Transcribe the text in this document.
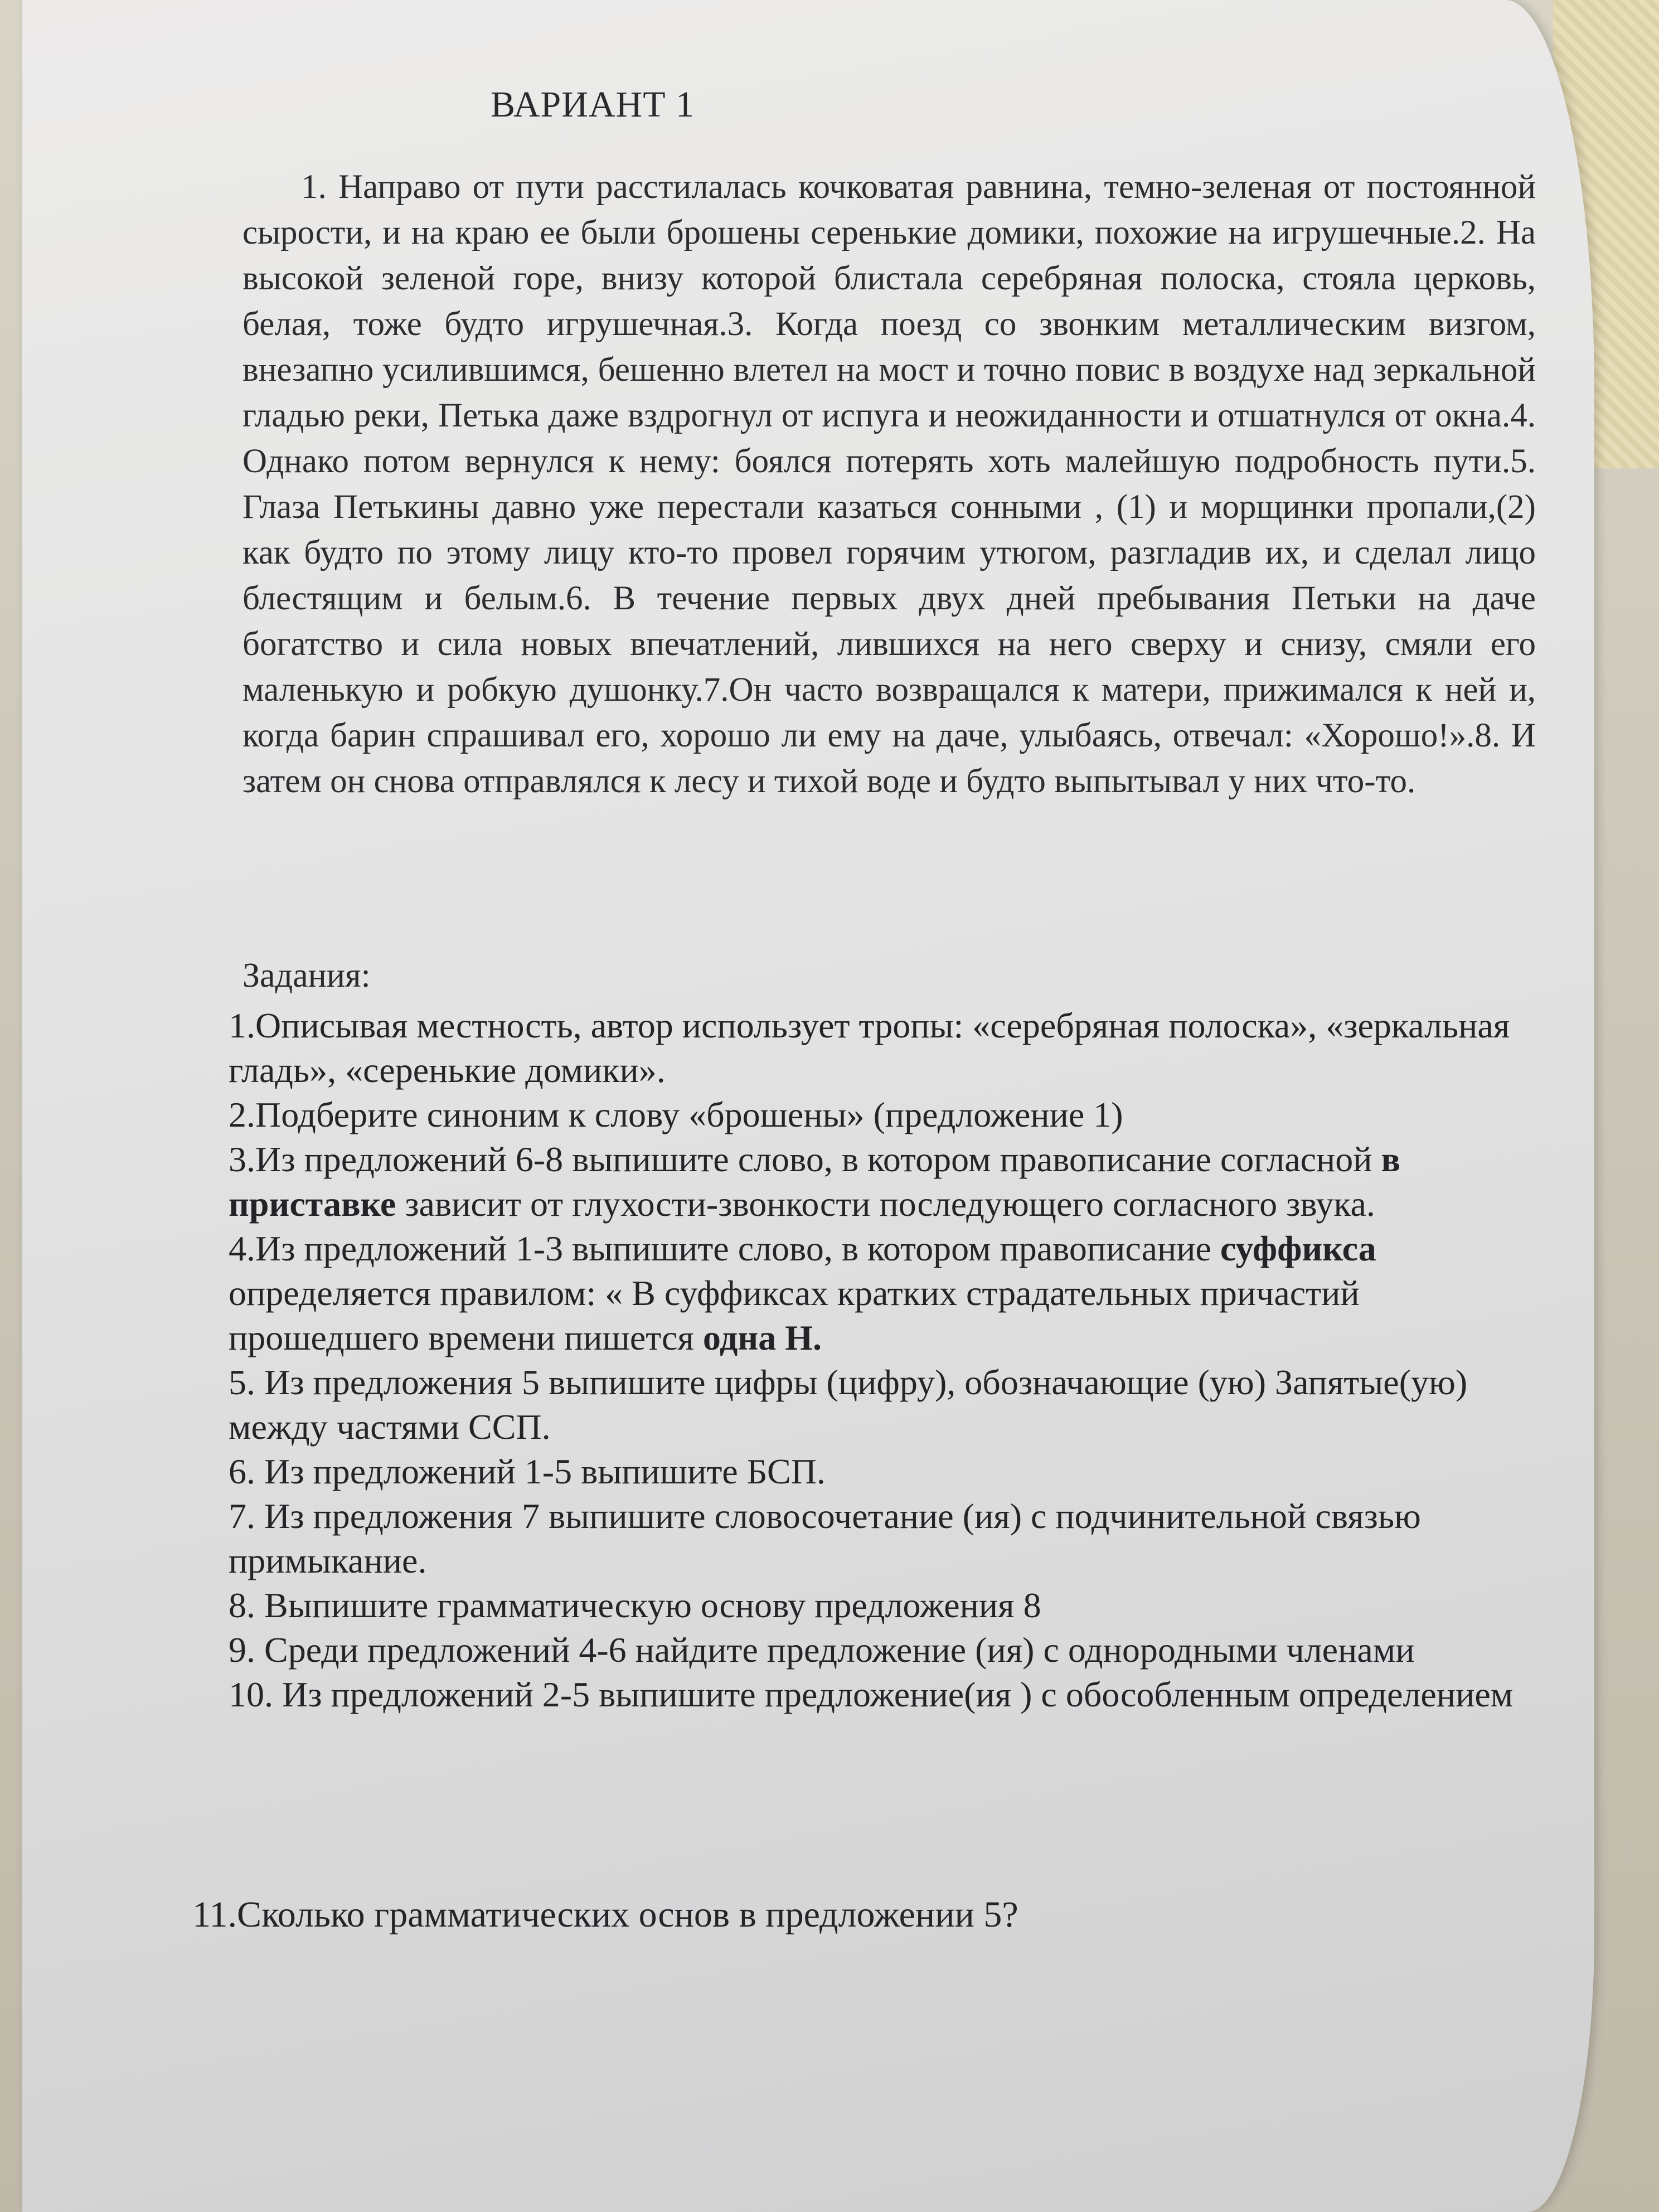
ВАРИАНТ 1

1. Направо от пути расстилалась кочковатая равнина, темно-зеленая от постоянной сырости, и на краю ее были брошены серенькие домики, похожие на игрушечные.2. На высокой зеленой горе, внизу которой блистала серебряная полоска, стояла церковь, белая, тоже будто игрушечная.3. Когда поезд со звонким металлическим визгом, внезапно усилившимся, бешенно влетел на мост и точно повис в воздухе над зеркальной гладью реки, Петька даже вздрогнул от испуга и неожиданности и отшатнулся от окна.4. Однако потом вернулся к нему: боялся потерять хоть малейшую подробность пути.5. Глаза Петькины давно уже перестали казаться сонными , (1) и морщинки пропали,(2) как будто по этому лицу кто-то провел горячим утюгом, разгладив их, и сделал лицо блестящим и белым.6. В течение первых двух дней пребывания Петьки на даче богатство и сила новых впечатлений, лившихся на него сверху и снизу, смяли его маленькую и робкую душонку.7.Он часто возвращался к матери, прижимался к ней и, когда барин спрашивал его, хорошо ли ему на даче, улыбаясь, отвечал: «Хорошо!».8. И затем он снова отправлялся к лесу и тихой воде и будто выпытывал у них что-то.

Задания:

1.Описывая местность, автор использует тропы: «серебряная полоска», «зеркальная гладь», «серенькие домики».

2.Подберите синоним к слову «брошены» (предложение 1)

3.Из предложений 6-8 выпишите слово, в котором правописание согласной в приставке зависит от глухости-звонкости последующего согласного звука.

4.Из предложений 1-3 выпишите слово, в котором правописание суффикса определяется правилом: « В суффиксах кратких страдательных причастий прошедшего времени пишется одна Н.

5. Из предложения 5 выпишите цифры (цифру), обозначающие (ую) Запятые(ую) между частями ССП.

6. Из предложений 1-5 выпишите БСП.

7. Из предложения 7 выпишите словосочетание (ия) с подчинительной связью примыкание.

8. Выпишите грамматическую основу предложения 8

9. Среди предложений 4-6 найдите предложение (ия) с однородными членами

10. Из предложений 2-5 выпишите предложение(ия ) с обособленным определением

11.Сколько грамматических основ в предложении 5?
